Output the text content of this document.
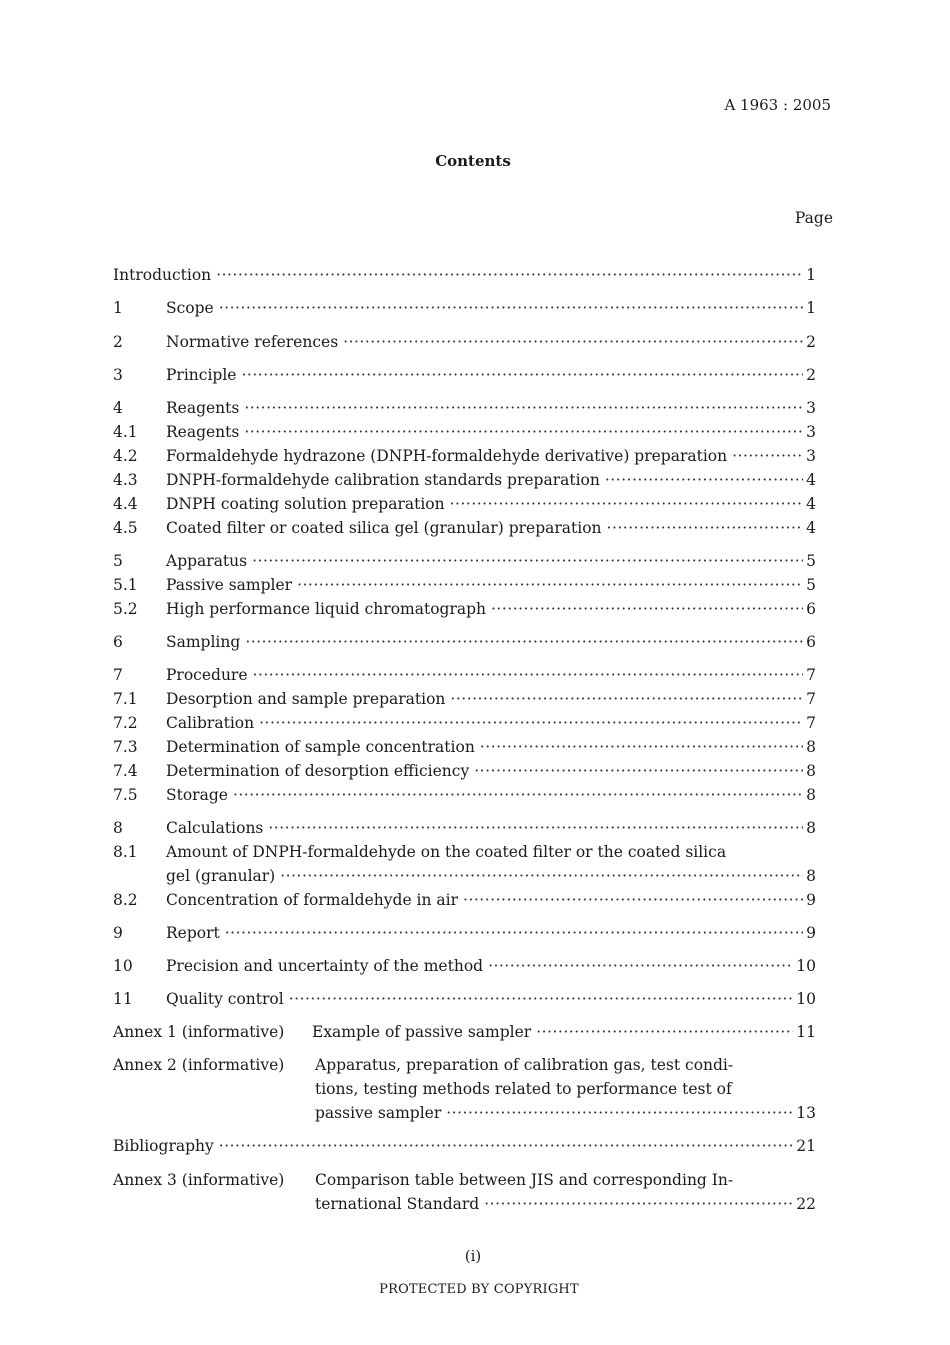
A 1963 : 2005
Contents
Page
Introduction ·····	1
1	Scope ·····	1
2	Normative references ·····	2
3	Principle ·····	2
4	Reagents ·····	3
4.1	Reagents ·····	3
4.2	Formaldehyde hydrazone (DNPH-formaldehyde derivative) preparation ·····	3
4.3	DNPH-formaldehyde calibration standards preparation ·····	4
4.4	DNPH coating solution preparation ·····	4
4.5	Coated filter or coated silica gel (granular) preparation ·····	4
5	Apparatus ·····	5
5.1	Passive sampler ·····	5
5.2	High performance liquid chromatograph ·····	6
6	Sampling ·····	6
7	Procedure ·····	7
7.1	Desorption and sample preparation ·····	7
7.2	Calibration ·····	7
7.3	Determination of sample concentration ·····	8
7.4	Determination of desorption efficiency ·····	8
7.5	Storage ·····	8
8	Calculations ·····	8
8.1 Amount of DNPH-formaldehyde on the coated filter or the coated silica
gel (granular) ·····	8
8.2	Concentration of formaldehyde in air ·····	9
9	Report ·····	9
10	Precision and uncertainty of the method ·····	10
11	Quality control ·····	10
Annex 1 (informative)	Example of passive sampler ·····	11
Annex 2 (informative) Apparatus, preparation of calibration gas, test condi-
tions, testing methods related to performance test of
passive sampler ·····	13
Bibliography ·····	21
Annex 3 (informative) Comparison table between JIS and corresponding In-
ternational Standard ·····	22
(i)
PROTECTED BY COPYRIGHT
